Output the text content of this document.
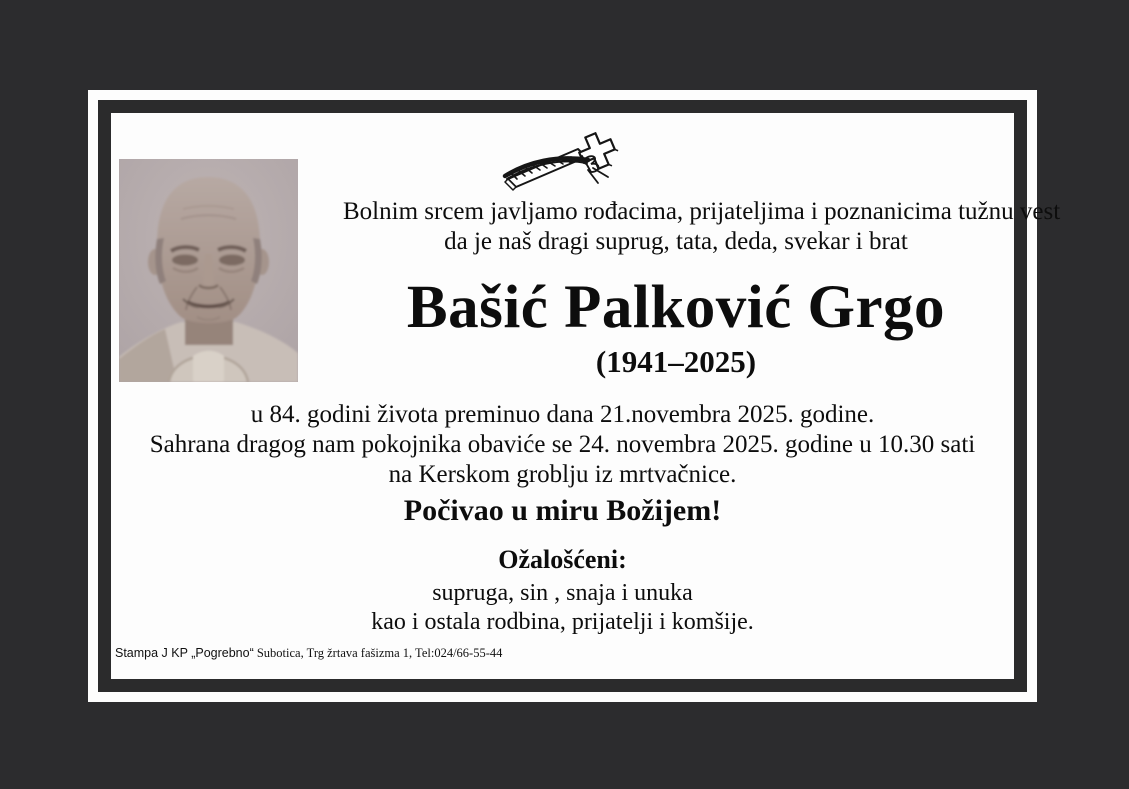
Bolnim srcem javljamo rođacima, prijateljima i poznanicima tužnu vest
da je naš dragi suprug, tata, deda, svekar i brat
Bašić Palković Grgo
(1941–2025)
u 84. godini života preminuo dana 21.novembra 2025. godine.
Sahrana dragog nam pokojnika obaviće se 24. novembra 2025. godine u 10.30 sati
na Kerskom groblju iz mrtvačnice.
Počivao u miru Božijem!
Ožalošćeni:
supruga, sin , snaja i unuka
kao i ostala rodbina, prijatelji i komšije.
Stampa J KP „Pogrebno“ Subotica, Trg žrtava fašizma 1, Tel:024/66-55-44
